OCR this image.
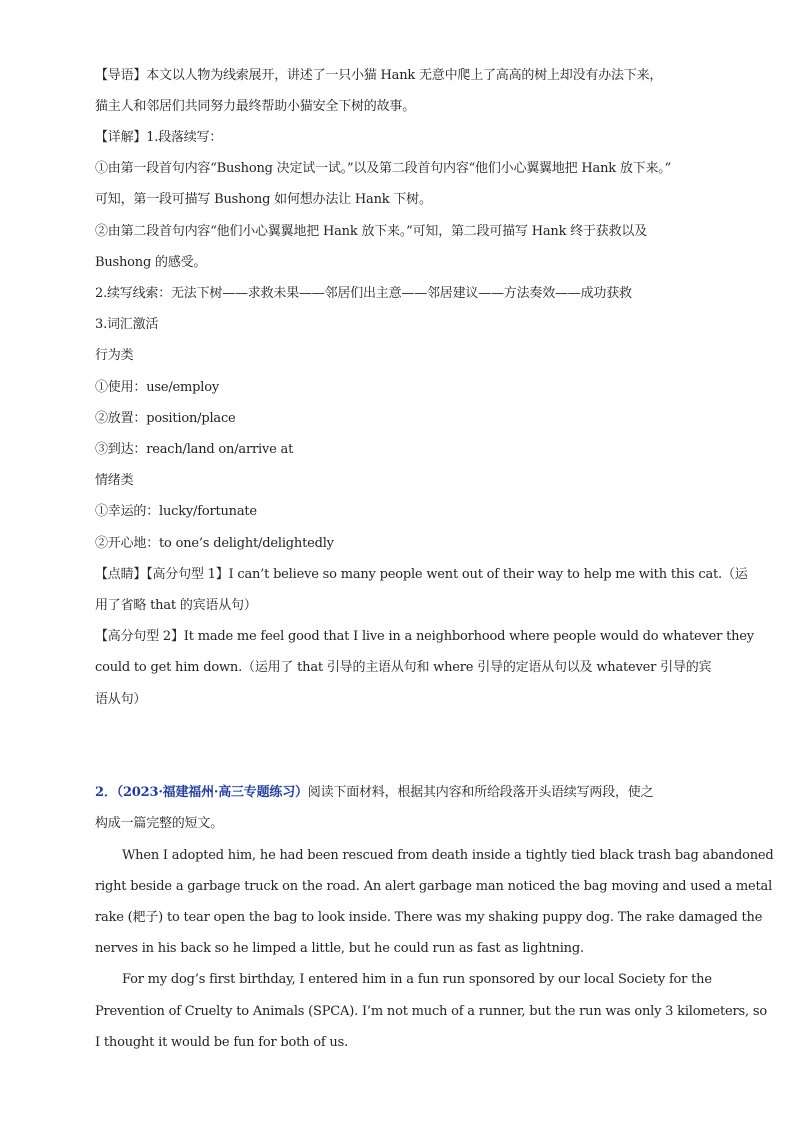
【导语】本文以人物为线索展开，讲述了一只小猫 Hank 无意中爬上了高高的树上却没有办法下来，
猫主人和邻居们共同努力最终帮助小猫安全下树的故事。
【详解】1.段落续写：
①由第一段首句内容“Bushong 决定试一试。”以及第二段首句内容“他们小心翼翼地把 Hank 放下来。”
可知，第一段可描写 Bushong 如何想办法让 Hank 下树。
②由第二段首句内容“他们小心翼翼地把 Hank 放下来。”可知，第二段可描写 Hank 终于获救以及
Bushong 的感受。
2.续写线索：无法下树——求救未果——邻居们出主意——邻居建议——方法奏效——成功获救
3.词汇激活
行为类
①使用：use/employ
②放置：position/place
③到达：reach/land on/arrive at
情绪类
①幸运的：lucky/fortunate
②开心地：to one’s delight/delightedly
【点睛】【高分句型 1】I can’t believe so many people went out of their way to help me with this cat.（运
用了省略 that 的宾语从句）
【高分句型 2】It made me feel good that I live in a neighborhood where people would do whatever they
could to get him down.（运用了 that 引导的主语从句和 where 引导的定语从句以及 whatever 引导的宾
语从句）
2．（2023·福建福州·高三专题练习）阅读下面材料，根据其内容和所给段落开头语续写两段，使之
构成一篇完整的短文。
When I adopted him, he had been rescued from death inside a tightly tied black trash bag abandoned
right beside a garbage truck on the road. An alert garbage man noticed the bag moving and used a metal
rake (耙子) to tear open the bag to look inside. There was my shaking puppy dog. The rake damaged the
nerves in his back so he limped a little, but he could run as fast as lightning.
For my dog’s first birthday, I entered him in a fun run sponsored by our local Society for the
Prevention of Cruelty to Animals (SPCA). I’m not much of a runner, but the run was only 3 kilometers, so
I thought it would be fun for both of us.
